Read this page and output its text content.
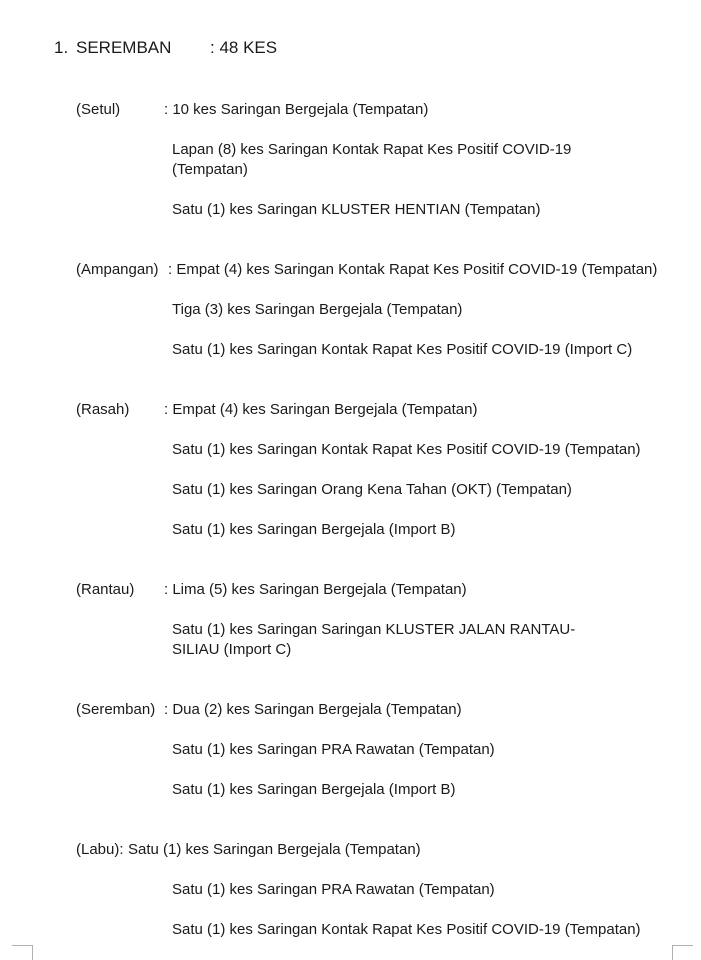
1. SEREMBAN : 48 KES
(Setul)	: 10 kes Saringan Bergejala (Tempatan)
Lapan (8) kes Saringan Kontak Rapat Kes Positif COVID-19 (Tempatan)
Satu (1) kes Saringan KLUSTER HENTIAN (Tempatan)
(Ampangan) : Empat (4) kes Saringan Kontak Rapat Kes Positif COVID-19 (Tempatan)
Tiga (3) kes Saringan Bergejala (Tempatan)
Satu (1) kes Saringan Kontak Rapat Kes Positif COVID-19 (Import C)
(Rasah) : Empat (4) kes Saringan Bergejala (Tempatan)
Satu (1) kes Saringan Kontak Rapat Kes Positif COVID-19 (Tempatan)
Satu (1) kes Saringan Orang Kena Tahan (OKT) (Tempatan)
Satu (1) kes Saringan Bergejala (Import B)
(Rantau) : Lima (5) kes Saringan Bergejala (Tempatan)
Satu (1) kes Saringan Saringan KLUSTER JALAN RANTAU-SILIAU (Import C)
(Seremban) : Dua (2) kes Saringan Bergejala (Tempatan)
Satu (1) kes Saringan PRA Rawatan (Tempatan)
Satu (1) kes Saringan Bergejala (Import B)
(Labu): Satu (1) kes Saringan Bergejala (Tempatan)
Satu (1) kes Saringan PRA Rawatan (Tempatan)
Satu (1) kes Saringan Kontak Rapat Kes Positif COVID-19 (Tempatan)
